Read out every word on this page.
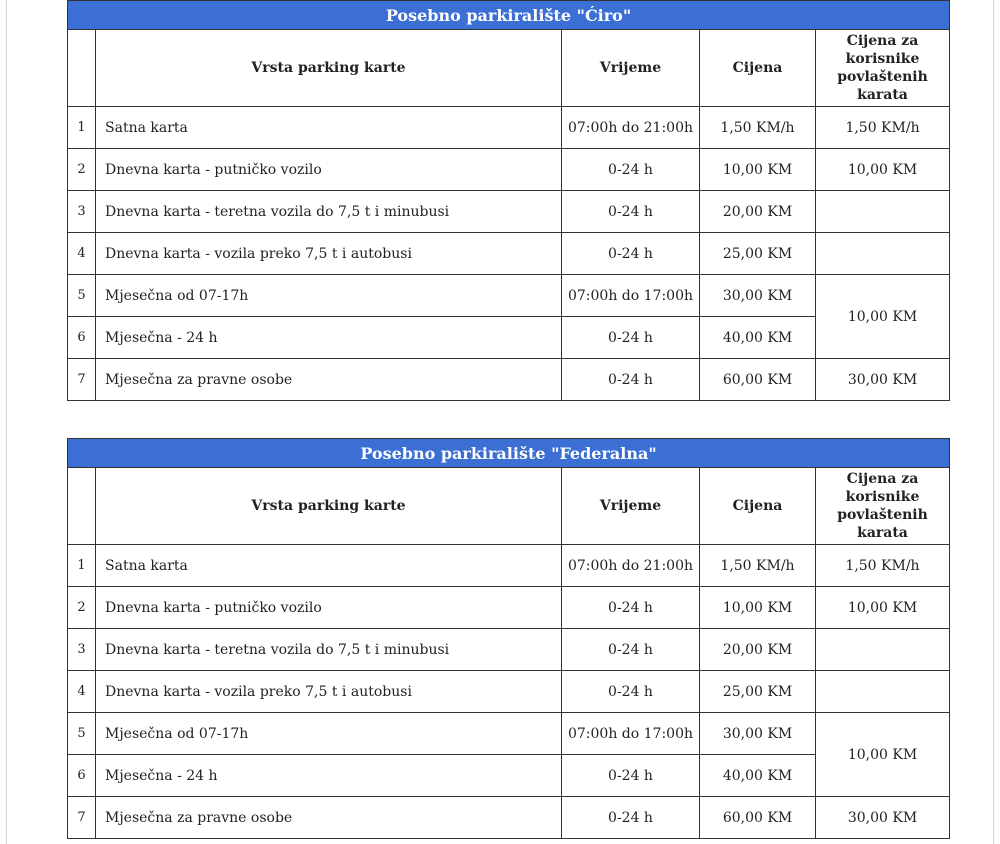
Posebno parkiralište "Ćiro"				
	Vrsta parking karte	Vrijeme	Cijena	Cijena za korisnike povlaštenih karata
1	Satna karta	07:00h do 21:00h	1,50 KM/h	1,50 KM/h
2	Dnevna karta - putničko vozilo	0-24 h	10,00 KM	10,00 KM
3	Dnevna karta - teretna vozila do 7,5 t i minubusi	0-24 h	20,00 KM	
4	Dnevna karta - vozila preko 7,5 t i autobusi	0-24 h	25,00 KM	
5	Mjesečna od 07-17h	07:00h do 17:00h	30,00 KM	10,00 KM
6	Mjesečna - 24 h	0-24 h	40,00 KM	
7	Mjesečna za pravne osobe	0-24 h	60,00 KM	30,00 KM
Posebno parkiralište "Federalna"				
	Vrsta parking karte	Vrijeme	Cijena	Cijena za korisnike povlaštenih karata
1	Satna karta	07:00h do 21:00h	1,50 KM/h	1,50 KM/h
2	Dnevna karta - putničko vozilo	0-24 h	10,00 KM	10,00 KM
3	Dnevna karta - teretna vozila do 7,5 t i minubusi	0-24 h	20,00 KM	
4	Dnevna karta - vozila preko 7,5 t i autobusi	0-24 h	25,00 KM	
5	Mjesečna od 07-17h	07:00h do 17:00h	30,00 KM	10,00 KM
6	Mjesečna - 24 h	0-24 h	40,00 KM	
7	Mjesečna za pravne osobe	0-24 h	60,00 KM	30,00 KM
